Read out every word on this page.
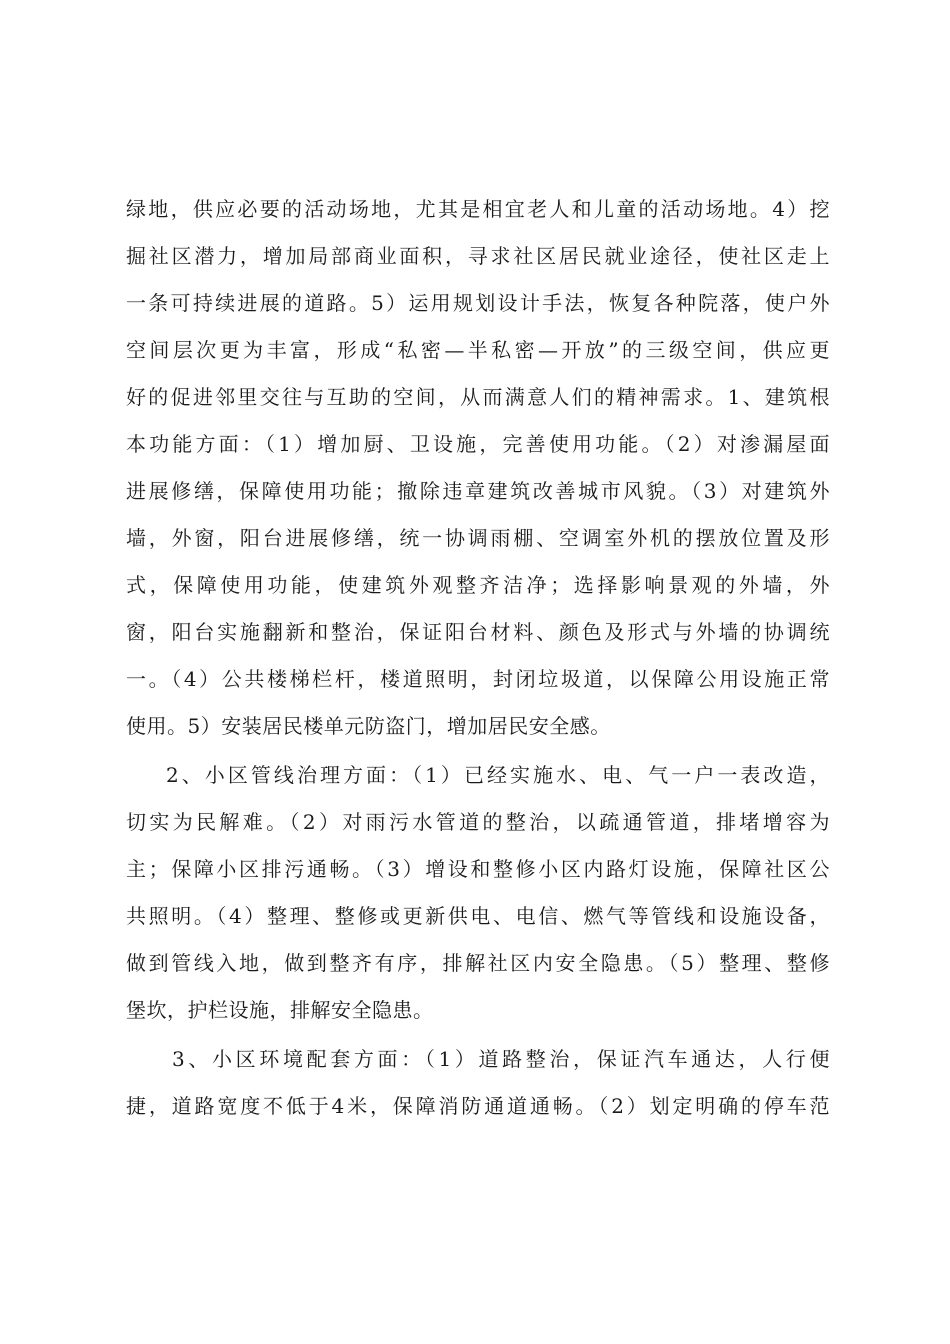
绿地，供应必要的活动场地，尤其是相宜老人和儿童的活动场地。4）挖
掘社区潜力，增加局部商业面积，寻求社区居民就业途径，使社区走上
一条可持续进展的道路。5）运用规划设计手法，恢复各种院落，使户外
空间层次更为丰富，形成“私密—半私密—开放”的三级空间，供应更
好的促进邻里交往与互助的空间，从而满意人们的精神需求。1、建筑根
本功能方面：（1）增加厨、卫设施，完善使用功能。（2）对渗漏屋面
进展修缮，保障使用功能；撤除违章建筑改善城市风貌。（3）对建筑外
墙，外窗，阳台进展修缮，统一协调雨棚、空调室外机的摆放位置及形
式，保障使用功能，使建筑外观整齐洁净；选择影响景观的外墙，外
窗，阳台实施翻新和整治，保证阳台材料、颜色及形式与外墙的协调统
一。（4）公共楼梯栏杆，楼道照明，封闭垃圾道，以保障公用设施正常
使用。5）安装居民楼单元防盗门，增加居民安全感。
2、小区管线治理方面：（1）已经实施水、电、气一户一表改造，
切实为民解难。（2）对雨污水管道的整治，以疏通管道，排堵增容为
主；保障小区排污通畅。（3）增设和整修小区内路灯设施，保障社区公
共照明。（4）整理、整修或更新供电、电信、燃气等管线和设施设备，
做到管线入地，做到整齐有序，排解社区内安全隐患。（5）整理、整修
堡坎，护栏设施，排解安全隐患。
3、小区环境配套方面：（1）道路整治，保证汽车通达，人行便
捷，道路宽度不低于4米，保障消防通道通畅。（2）划定明确的停车范
